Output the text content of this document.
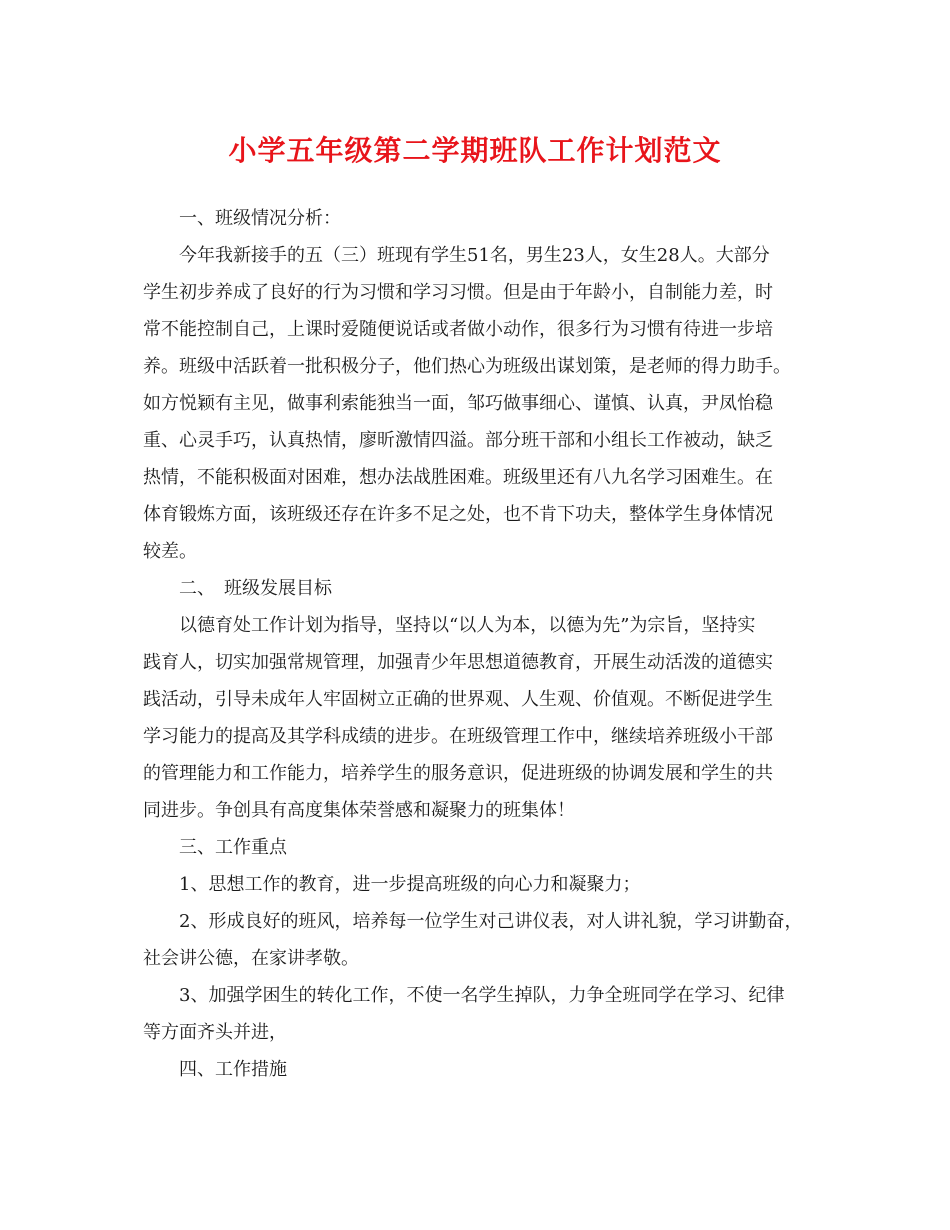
小学五年级第二学期班队工作计划范文
一、班级情况分析：
今年我新接手的五（三）班现有学生51名，男生23人，女生28人。大部分
学生初步养成了良好的行为习惯和学习习惯。但是由于年龄小，自制能力差，时
常不能控制自己，上课时爱随便说话或者做小动作，很多行为习惯有待进一步培
养。班级中活跃着一批积极分子，他们热心为班级出谋划策，是老师的得力助手。
如方悦颖有主见，做事利索能独当一面，邹巧做事细心、谨慎、认真，尹凤怡稳
重、心灵手巧，认真热情，廖昕激情四溢。部分班干部和小组长工作被动，缺乏
热情，不能积极面对困难，想办法战胜困难。班级里还有八九名学习困难生。在
体育锻炼方面，该班级还存在许多不足之处，也不肯下功夫，整体学生身体情况
较差。
二、　班级发展目标
以德育处工作计划为指导，坚持以“以人为本，以德为先”为宗旨，坚持实
践育人，切实加强常规管理，加强青少年思想道德教育，开展生动活泼的道德实
践活动，引导未成年人牢固树立正确的世界观、人生观、价值观。不断促进学生
学习能力的提高及其学科成绩的进步。在班级管理工作中，继续培养班级小干部
的管理能力和工作能力，培养学生的服务意识，促进班级的协调发展和学生的共
同进步。争创具有高度集体荣誉感和凝聚力的班集体！
三、工作重点
1、思想工作的教育，进一步提高班级的向心力和凝聚力；
2、形成良好的班风，培养每一位学生对己讲仪表，对人讲礼貌，学习讲勤奋，
社会讲公德，在家讲孝敬。
3、加强学困生的转化工作，不使一名学生掉队，力争全班同学在学习、纪律
等方面齐头并进，
四、工作措施
